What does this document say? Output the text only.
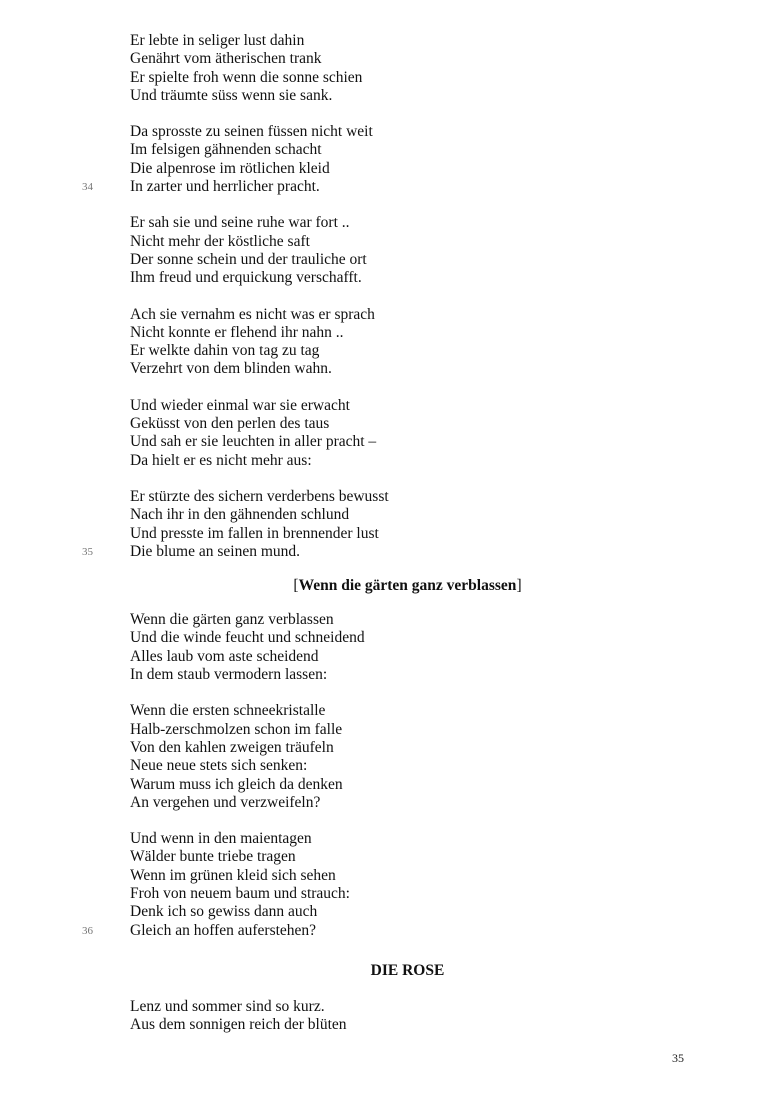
Er lebte in seliger lust dahin
Genährt vom ätherischen trank
Er spielte froh wenn die sonne schien
Und träumte süss wenn sie sank.
Da sprosste zu seinen füssen nicht weit
Im felsigen gähnenden schacht
Die alpenrose im rötlichen kleid
34 In zarter und herrlicher pracht.
Er sah sie und seine ruhe war fort ..
Nicht mehr der köstliche saft
Der sonne schein und der trauliche ort
Ihm freud und erquickung verschafft.
Ach sie vernahm es nicht was er sprach
Nicht konnte er flehend ihr nahn ..
Er welkte dahin von tag zu tag
Verzehrt von dem blinden wahn.
Und wieder einmal war sie erwacht
Geküsst von den perlen des taus
Und sah er sie leuchten in aller pracht –
Da hielt er es nicht mehr aus:
Er stürzte des sichern verderbens bewusst
Nach ihr in den gähnenden schlund
Und presste im fallen in brennender lust
35 Die blume an seinen mund.
[Wenn die gärten ganz verblassen]
Wenn die gärten ganz verblassen
Und die winde feucht und schneidend
Alles laub vom aste scheidend
In dem staub vermodern lassen:
Wenn die ersten schneekristalle
Halb-zerschmolzen schon im falle
Von den kahlen zweigen träufeln
Neue neue stets sich senken:
Warum muss ich gleich da denken
An vergehen und verzweifeln?
Und wenn in den maientagen
Wälder bunte triebe tragen
Wenn im grünen kleid sich sehen
Froh von neuem baum und strauch:
Denk ich so gewiss dann auch
36 Gleich an hoffen auferstehen?
DIE ROSE
Lenz und sommer sind so kurz.
Aus dem sonnigen reich der blüten
35
